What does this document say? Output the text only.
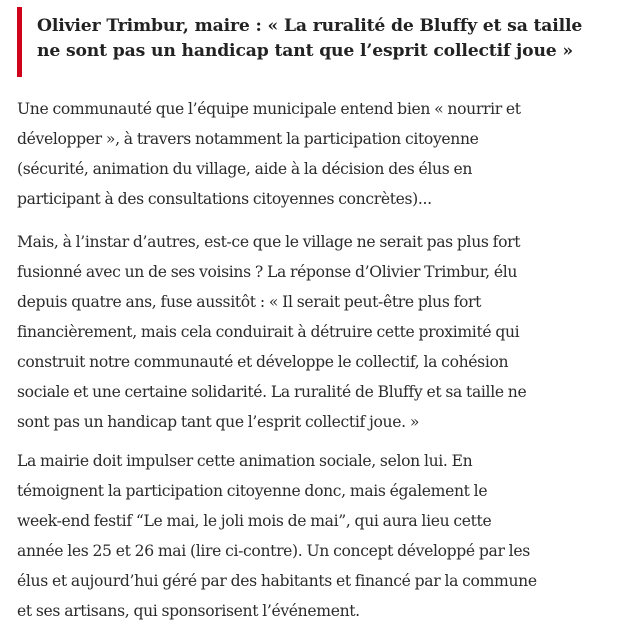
Olivier Trimbur, maire : « La ruralité de Bluffy et sa taille
ne sont pas un handicap tant que l’esprit collectif joue »

Une communauté que l’équipe municipale entend bien « nourrir et
développer », à travers notamment la participation citoyenne
(sécurité, animation du village, aide à la décision des élus en
participant à des consultations citoyennes concrètes)...

Mais, à l’instar d’autres, est-ce que le village ne serait pas plus fort
fusionné avec un de ses voisins ? La réponse d’Olivier Trimbur, élu
depuis quatre ans, fuse aussitôt : « Il serait peut-être plus fort
financièrement, mais cela conduirait à détruire cette proximité qui
construit notre communauté et développe le collectif, la cohésion
sociale et une certaine solidarité. La ruralité de Bluffy et sa taille ne
sont pas un handicap tant que l’esprit collectif joue. »

La mairie doit impulser cette animation sociale, selon lui. En
témoignent la participation citoyenne donc, mais également le
week-end festif “Le mai, le joli mois de mai”, qui aura lieu cette
année les 25 et 26 mai (lire ci-contre). Un concept développé par les
élus et aujourd’hui géré par des habitants et financé par la commune
et ses artisans, qui sponsorisent l’événement.
